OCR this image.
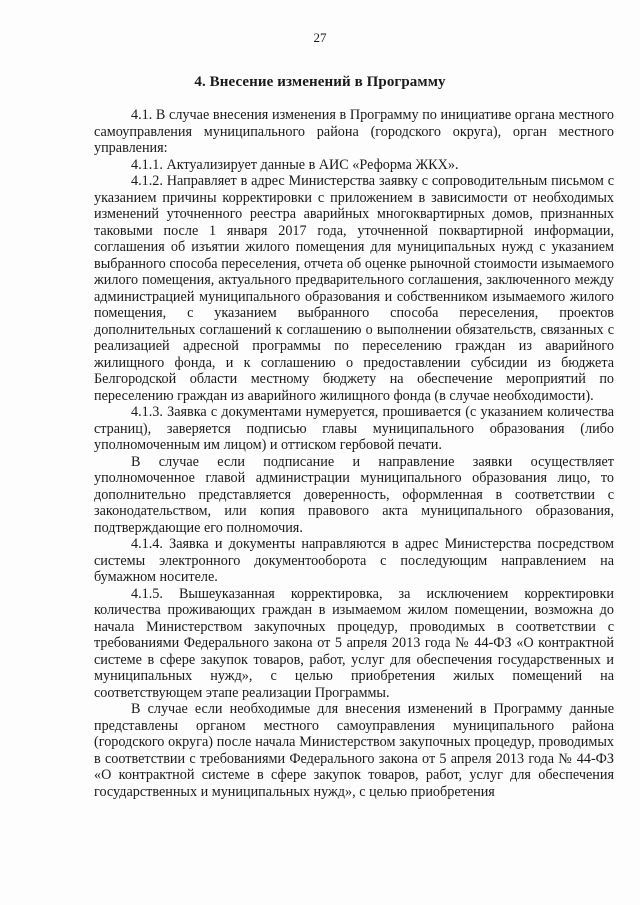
27
4. Внесение изменений в Программу

4.1. В случае внесения изменения в Программу по инициативе органа местного самоуправления муниципального района (городского округа), орган местного управления:

4.1.1. Актуализирует данные в АИС «Реформа ЖКХ».

4.1.2. Направляет в адрес Министерства заявку с сопроводительным письмом с указанием причины корректировки с приложением в зависимости от необходимых изменений уточненного реестра аварийных многоквартирных домов, признанных таковыми после 1 января 2017 года, уточненной поквартирной информации, соглашения об изъятии жилого помещения для муниципальных нужд с указанием выбранного способа переселения, отчета об оценке рыночной стоимости изымаемого жилого помещения, актуального предварительного соглашения, заключенного между администрацией муниципального образования и собственником изымаемого жилого помещения, с указанием выбранного способа переселения, проектов дополнительных соглашений к соглашению о выполнении обязательств, связанных с реализацией адресной программы по переселению граждан из аварийного жилищного фонда, и к соглашению о предоставлении субсидии из бюджета Белгородской области местному бюджету на обеспечение мероприятий по переселению граждан из аварийного жилищного фонда (в случае необходимости).

4.1.3. Заявка с документами нумеруется, прошивается (с указанием количества страниц), заверяется подписью главы муниципального образования (либо уполномоченным им лицом) и оттиском гербовой печати.

В случае если подписание и направление заявки осуществляет уполномоченное главой администрации муниципального образования лицо, то дополнительно представляется доверенность, оформленная в соответствии с законодательством, или копия правового акта муниципального образования, подтверждающие его полномочия.

4.1.4. Заявка и документы направляются в адрес Министерства посредством системы электронного документооборота с последующим направлением на бумажном носителе.

4.1.5. Вышеуказанная корректировка, за исключением корректировки количества проживающих граждан в изымаемом жилом помещении, возможна до начала Министерством закупочных процедур, проводимых в соответствии с требованиями Федерального закона от 5 апреля 2013 года № 44-ФЗ «О контрактной системе в сфере закупок товаров, работ, услуг для обеспечения государственных и муниципальных нужд», с целью приобретения жилых помещений на соответствующем этапе реализации Программы.

В случае если необходимые для внесения изменений в Программу данные представлены органом местного самоуправления муниципального района (городского округа) после начала Министерством закупочных процедур, проводимых в соответствии с требованиями Федерального закона от 5 апреля 2013 года № 44-ФЗ «О контрактной системе в сфере закупок товаров, работ, услуг для обеспечения государственных и муниципальных нужд», с целью приобретения
